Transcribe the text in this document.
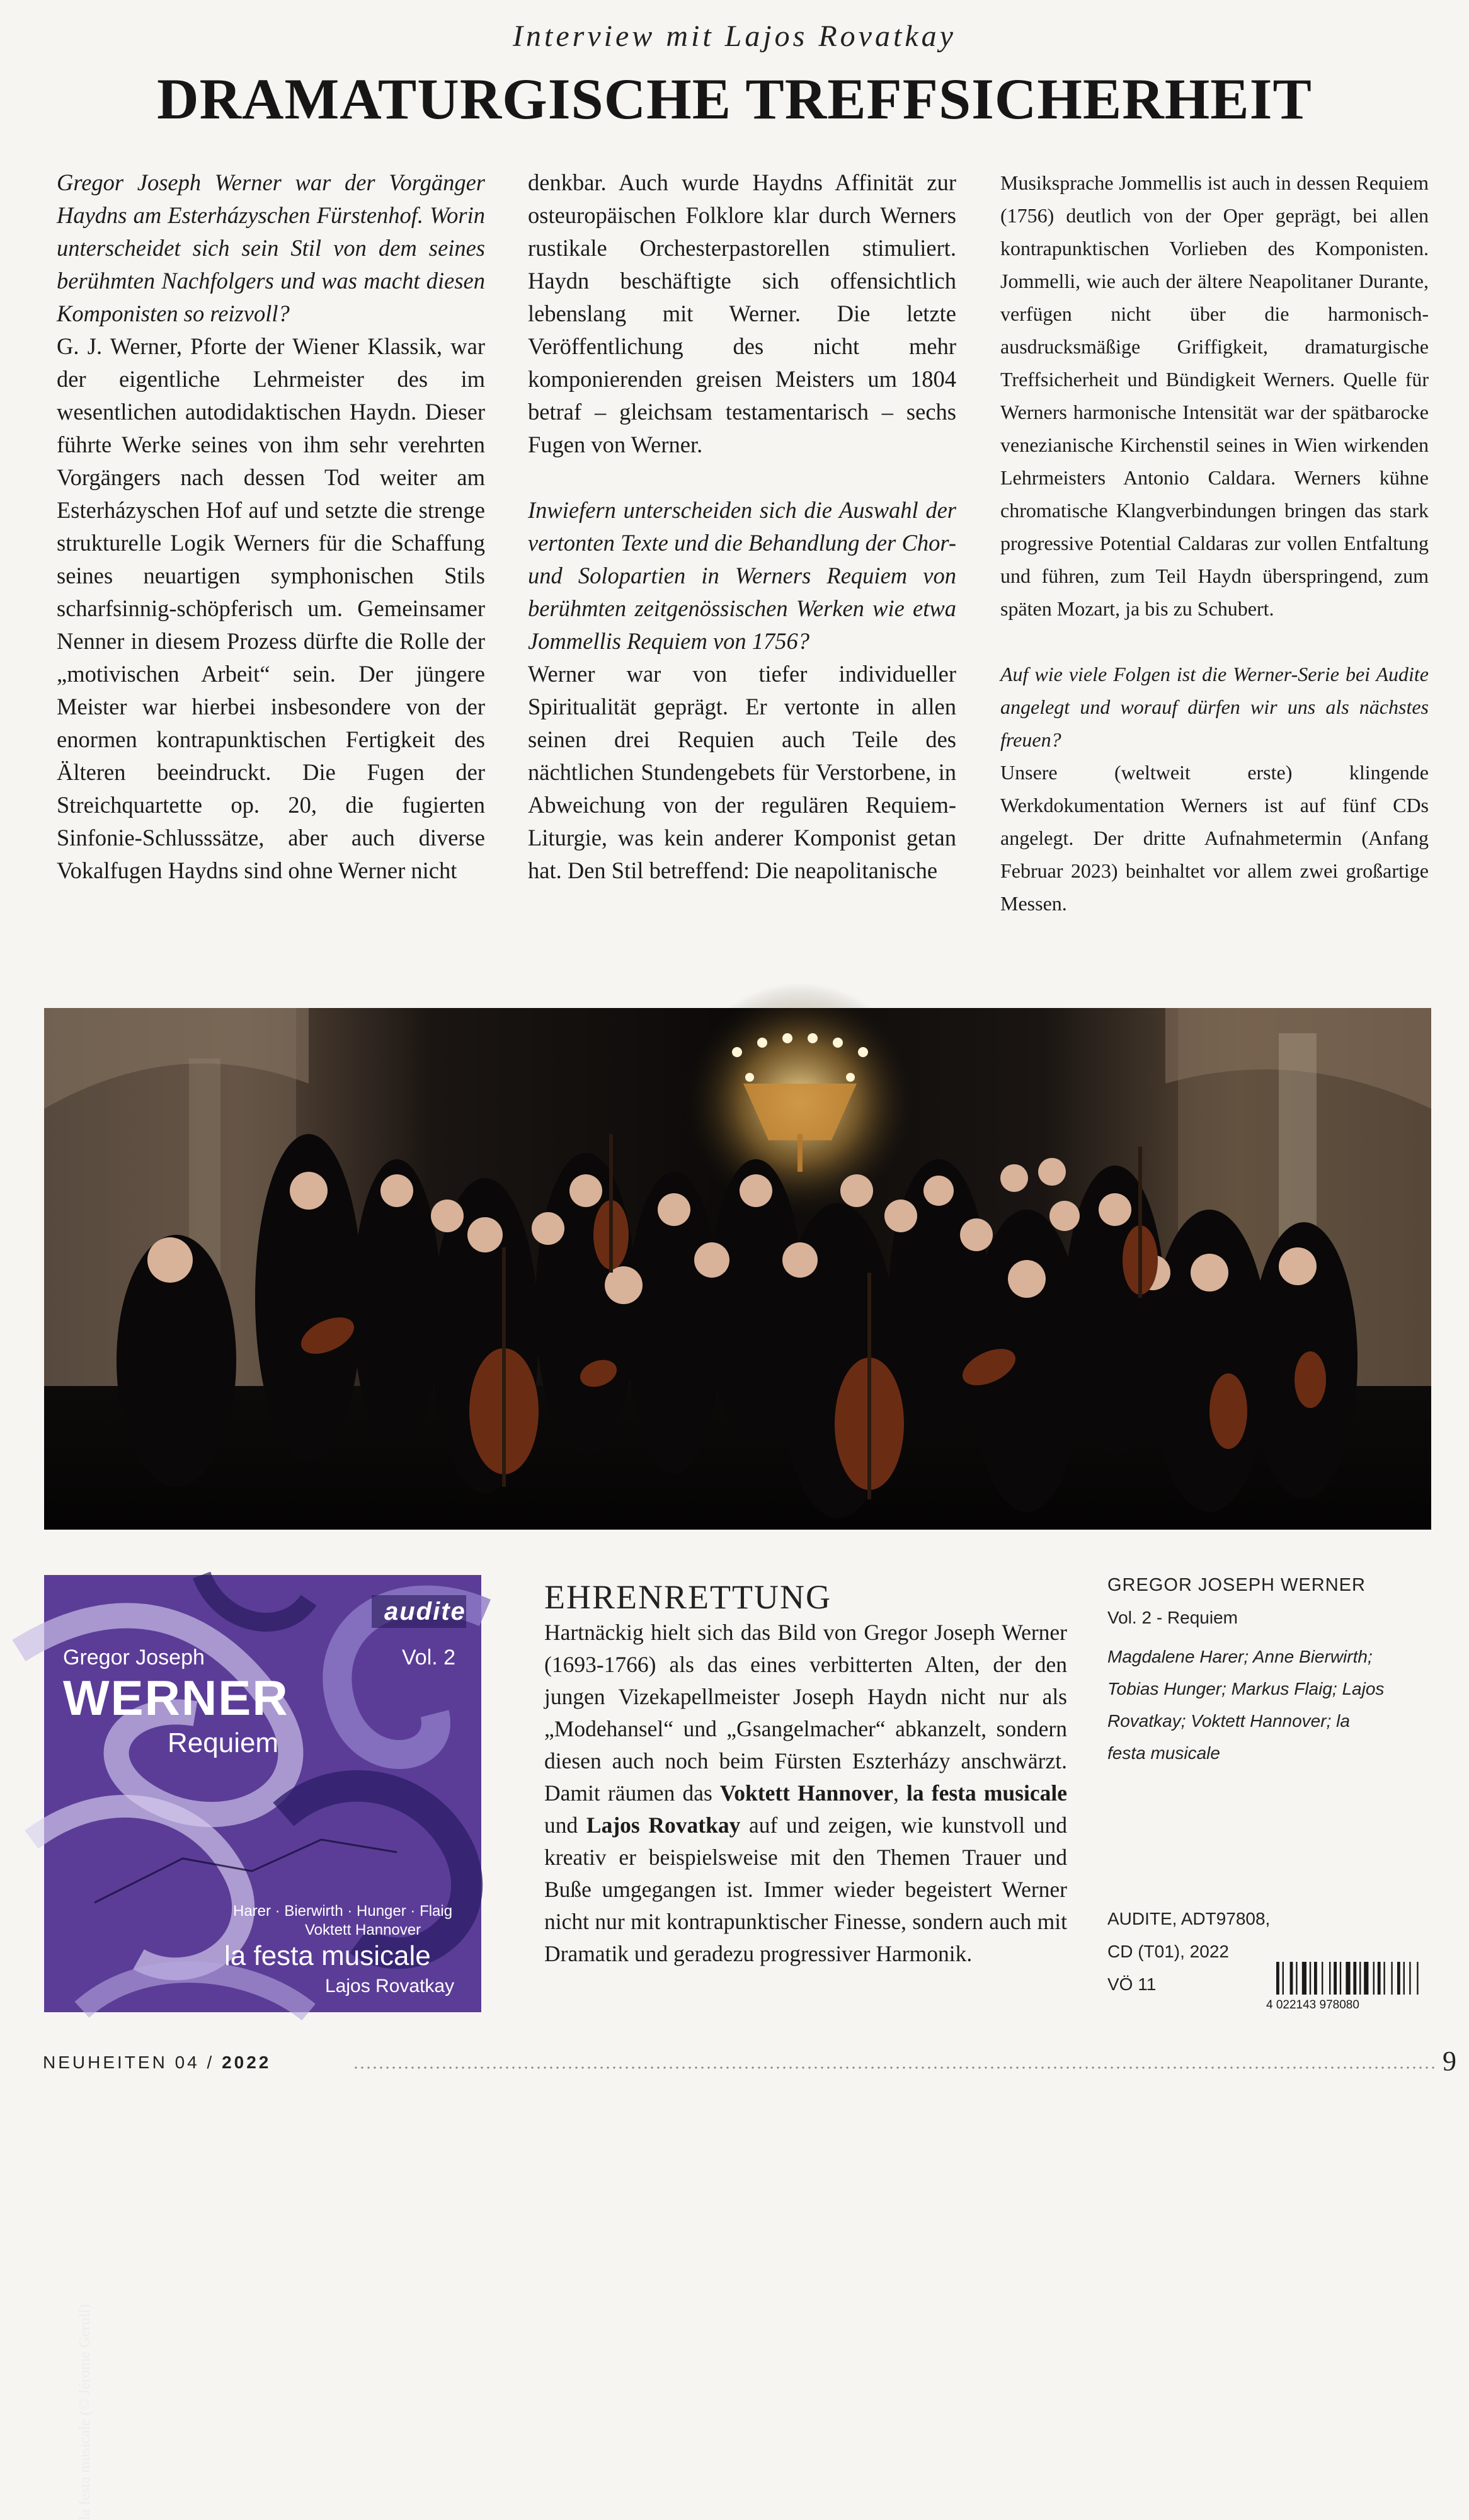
Interview mit Lajos Rovatkay
DRAMATURGISCHE TREFFSICHERHEIT

Gregor Joseph Werner war der Vorgänger Haydns am Esterházyschen Fürstenhof. Worin unterscheidet sich sein Stil von dem seines berühmten Nachfolgers und was macht diesen Komponisten so reizvoll?

G. J. Werner, Pforte der Wiener Klassik, war der eigentliche Lehrmeister des im wesentlichen autodidaktischen Haydn. Dieser führte Werke seines von ihm sehr verehrten Vorgängers nach dessen Tod weiter am Esterházyschen Hof auf und setzte die strenge strukturelle Logik Werners für die Schaffung seines neuartigen symphonischen Stils scharfsinnig-schöpferisch um. Gemeinsamer Nenner in diesem Prozess dürfte die Rolle der „motivischen Arbeit“ sein. Der jüngere Meister war hierbei insbesondere von der enormen kontrapunktischen Fertigkeit des Älteren beeindruckt. Die Fugen der Streichquartette op. 20, die fugierten Sinfonie-Schlusssätze, aber auch diverse Vokalfugen Haydns sind ohne Werner nicht

denkbar. Auch wurde Haydns Affinität zur osteuropäischen Folklore klar durch Werners rustikale Orchesterpastorellen stimuliert. Haydn beschäftigte sich offensichtlich lebenslang mit Werner. Die letzte Veröffentlichung des nicht mehr komponierenden greisen Meisters um 1804 betraf – gleichsam testamentarisch – sechs Fugen von Werner.

Inwiefern unterscheiden sich die Auswahl der vertonten Texte und die Behandlung der Chor- und Solopartien in Werners Requiem von berühmten zeitgenössischen Werken wie etwa Jommellis Requiem von 1756?

Werner war von tiefer individueller Spiritualität geprägt. Er vertonte in allen seinen drei Requien auch Teile des nächtlichen Stundengebets für Verstorbene, in Abweichung von der regulären Requiem-Liturgie, was kein anderer Komponist getan hat. Den Stil betreffend: Die neapolitanische

Musiksprache Jommellis ist auch in dessen Requiem (1756) deutlich von der Oper geprägt, bei allen kontrapunktischen Vorlieben des Komponisten. Jommelli, wie auch der ältere Neapolitaner Durante, verfügen nicht über die harmonisch-ausdrucksmäßige Griffigkeit, dramaturgische Treffsicherheit und Bündigkeit Werners. Quelle für Werners harmonische Intensität war der spätbarocke venezianische Kirchenstil seines in Wien wirkenden Lehrmeisters Antonio Caldara. Werners kühne chromatische Klangverbindungen bringen das stark progressive Potential Caldaras zur vollen Entfaltung und führen, zum Teil Haydn überspringend, zum späten Mozart, ja bis zu Schubert.

Auf wie viele Folgen ist die Werner-Serie bei Audite angelegt und worauf dürfen wir uns als nächstes freuen?

Unsere (weltweit erste) klingende Werkdokumentation Werners ist auf fünf CDs angelegt. Der dritte Aufnahmetermin (Anfang Februar 2023) beinhaltet vor allem zwei großartige Messen.

la festa musicale (© Jérome Gerull)
audite
Gregor Joseph	Vol. 2
WERNER
Requiem
Harer · Bierwirth · Hunger · Flaig
Voktett Hannover
la festa musicale
Lajos Rovatkay
EHRENRETTUNG

Hartnäckig hielt sich das Bild von Gregor Joseph Werner (1693-1766) als das eines verbitterten Alten, der den jungen Vizekapellmeister Joseph Haydn nicht nur als „Modehansel“ und „Gsangelmacher“ abkanzelt, sondern diesen auch noch beim Fürsten Eszterházy anschwärzt. Damit räumen das Voktett Hannover, la festa musicale und Lajos Rovatkay auf und zeigen, wie kunstvoll und kreativ er beispielsweise mit den Themen Trauer und Buße umgegangen ist. Immer wieder begeistert Werner nicht nur mit kontrapunktischer Finesse, sondern auch mit Dramatik und geradezu progressiver Harmonik.

GREGOR JOSEPH WERNER
Vol. 2 - Requiem
Magdalene Harer; Anne Bierwirth; Tobias Hunger; Markus Flaig; Lajos Rovatkay; Voktett Hannover; la festa musicale
AUDITE, ADT97808,
CD (T01), 2022
VÖ 11
4 022143 978080
NEUHEITEN 04 / 2022	9
